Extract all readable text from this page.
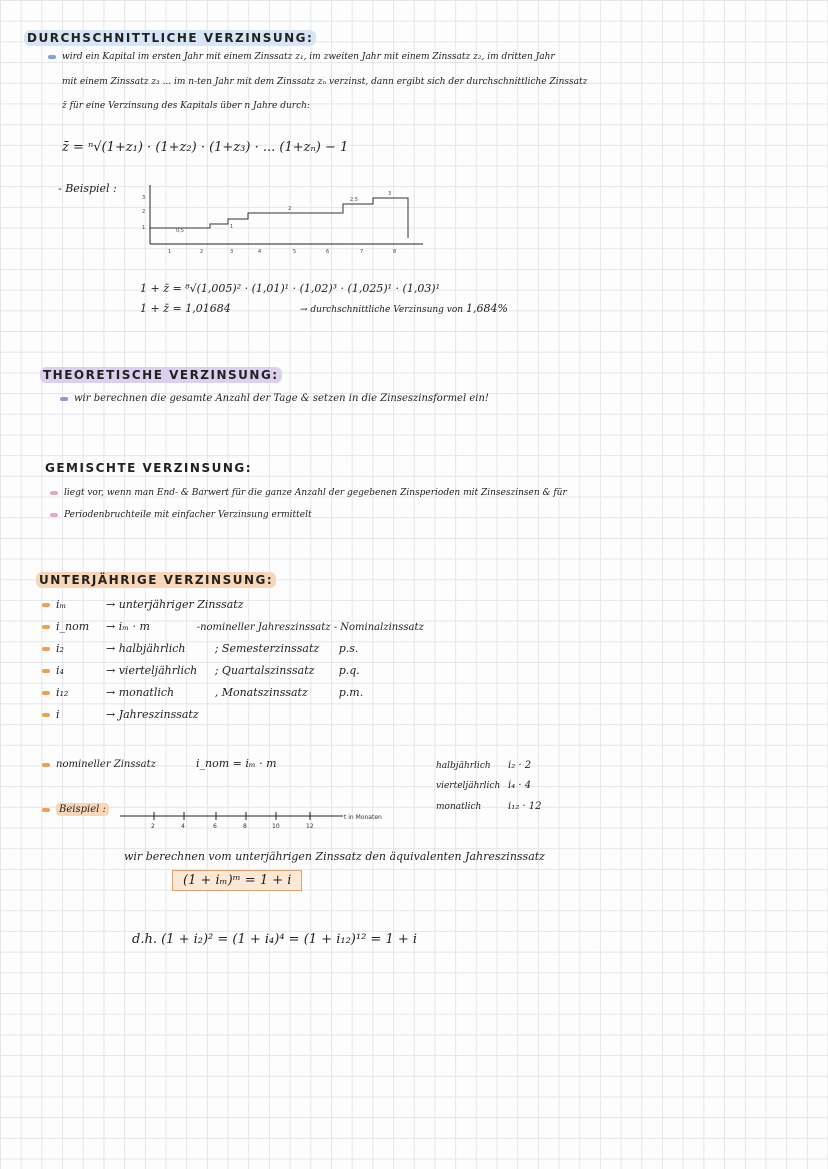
DURCHSCHNITTLICHE VERZINSUNG:
wird ein Kapital im ersten Jahr mit einem Zinssatz z₁, im zweiten Jahr mit einem Zinssatz z₂, im dritten Jahr
mit einem Zinssatz z₃ ... im n-ten Jahr mit dem Zinssatz zₙ verzinst, dann ergibt sich der durchschnittliche Zinssatz
z̄ für eine Verzinsung des Kapitals über n Jahre durch:
z̄ = ⁿ√(1+z₁) · (1+z₂) · (1+z₃) · ... (1+zₙ) − 1
- Beispiel :
3
2
1	0,5
1
2
2,5
3
1	2	3	4	5	6	7	8
1 + z̄ = ⁸√(1,005)² · (1,01)¹ · (1,02)³ · (1,025)¹ · (1,03)¹
1 + z̄ = 1,01684	→ durchschnittliche Verzinsung von 1,684%
THEORETISCHE VERZINSUNG:
wir berechnen die gesamte Anzahl der Tage & setzen in die Zinseszinsformel ein!
GEMISCHTE VERZINSUNG:
liegt vor, wenn man End- & Barwert für die ganze Anzahl der gegebenen Zinsperioden mit Zinseszinsen & für
Periodenbruchteile mit einfacher Verzinsung ermittelt
UNTERJÄHRIGE VERZINSUNG:
iₘ	→ unterjähriger Zinssatz
i_nom → iₘ · m	-nomineller Jahreszinssatz - Nominalzinssatz
i₂	→ halbjährlich	; Semesterzinssatz p.s.
i₄	→ vierteljährlich ; Quartalszinssatz p.q.
i₁₂	→ monatlich	, Monatszinssatz	p.m.
i	→ Jahreszinssatz
nomineller Zinssatz	i_nom = iₘ · m	halbjährlich i₂ · 2
vierteljährlich i₄ · 4
monatlich	i₁₂ · 12
Beispiel :
2	4	6	8	10	12
t in Monaten
wir berechnen vom unterjährigen Zinssatz den äquivalenten Jahreszinssatz
(1 + iₘ)ᵐ = 1 + i
d.h. (1 + i₂)² = (1 + i₄)⁴ = (1 + i₁₂)¹² = 1 + i
